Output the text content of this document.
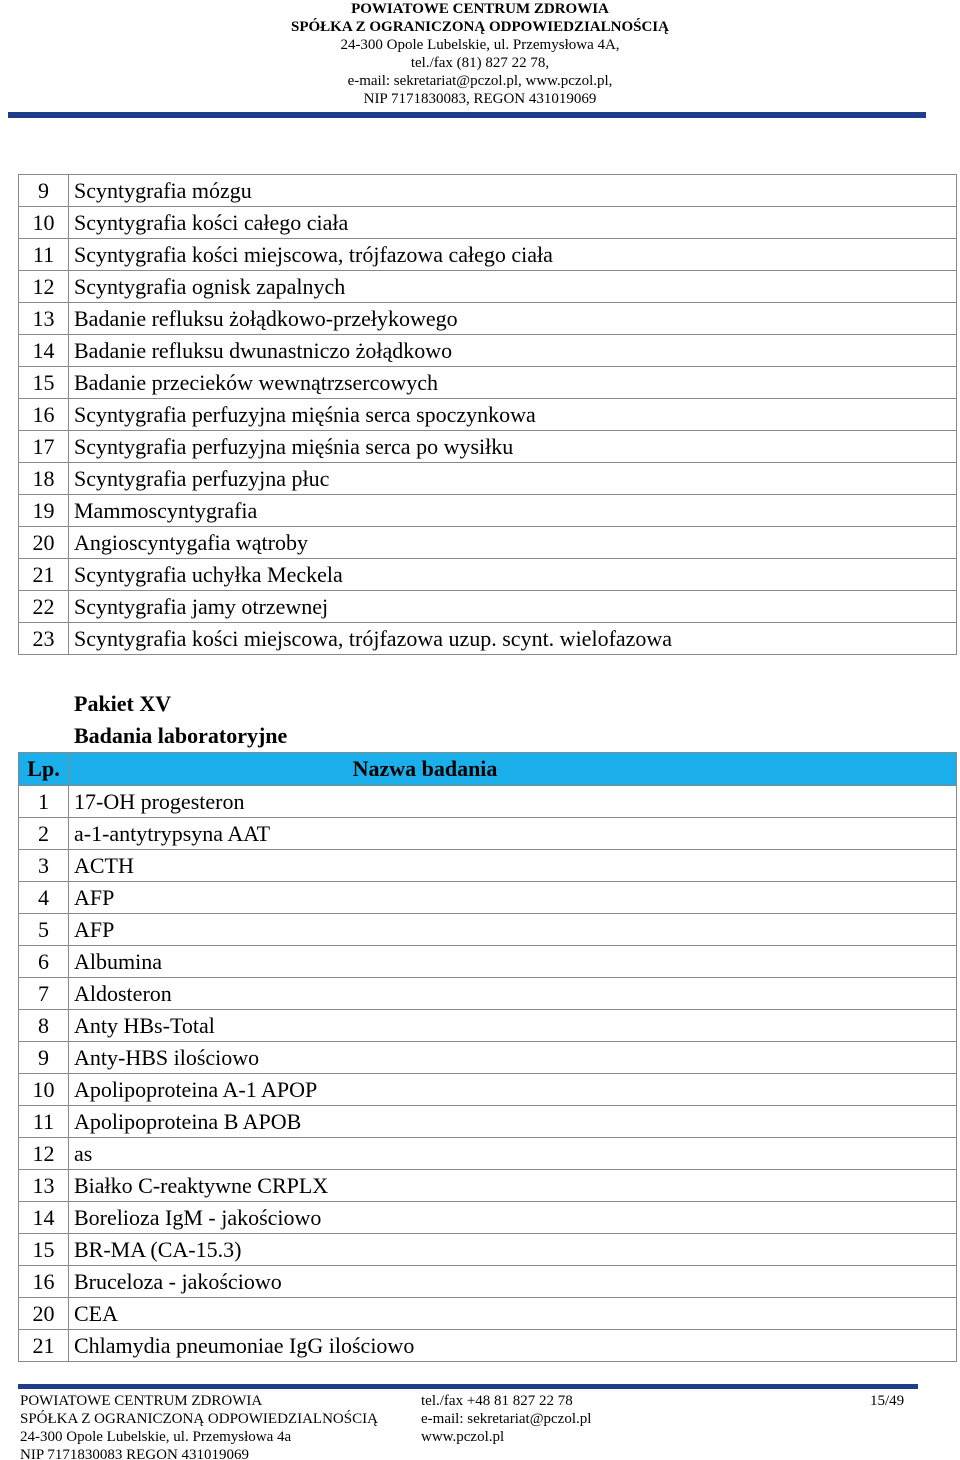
POWIATOWE CENTRUM ZDROWIA
SPÓŁKA Z OGRANICZONĄ ODPOWIEDZIALNOŚCIĄ
24-300 Opole Lubelskie, ul. Przemysłowa 4A,
tel./fax (81) 827 22 78,
e-mail: sekretariat@pczol.pl, www.pczol.pl,
NIP 7171830083, REGON 431019069
9	Scyntygrafia mózgu
10	Scyntygrafia kości całego ciała
11	Scyntygrafia kości miejscowa, trójfazowa całego ciała
12	Scyntygrafia ognisk zapalnych
13	Badanie refluksu żołądkowo-przełykowego
14	Badanie refluksu dwunastniczo żołądkowo
15	Badanie przecieków wewnątrzsercowych
16	Scyntygrafia perfuzyjna mięśnia serca spoczynkowa
17	Scyntygrafia perfuzyjna mięśnia serca po wysiłku
18	Scyntygrafia perfuzyjna płuc
19	Mammoscyntygrafia
20	Angioscyntygafia wątroby
21	Scyntygrafia uchyłka Meckela
22	Scyntygrafia jamy otrzewnej
23	Scyntygrafia kości miejscowa, trójfazowa uzup. scynt. wielofazowa
Pakiet XV
Badania laboratoryjne
Lp.	Nazwa badania
1	17-OH progesteron
2	a-1-antytrypsyna AAT
3	ACTH
4	AFP
5	AFP
6	Albumina
7	Aldosteron
8	Anty HBs-Total
9	Anty-HBS ilościowo
10	Apolipoproteina A-1 APOP
11	Apolipoproteina B APOB
12	as
13	Białko C-reaktywne CRPLX
14	Borelioza IgM - jakościowo
15	BR-MA (CA-15.3)
16	Bruceloza - jakościowo
20	CEA
21	Chlamydia pneumoniae IgG ilościowo
POWIATOWE CENTRUM ZDROWIA
SPÓŁKA Z OGRANICZONĄ ODPOWIEDZIALNOŚCIĄ
24-300 Opole Lubelskie, ul. Przemysłowa 4a
NIP 7171830083 REGON 431019069
tel./fax +48 81 827 22 78
e-mail: sekretariat@pczol.pl
www.pczol.pl
15/49
